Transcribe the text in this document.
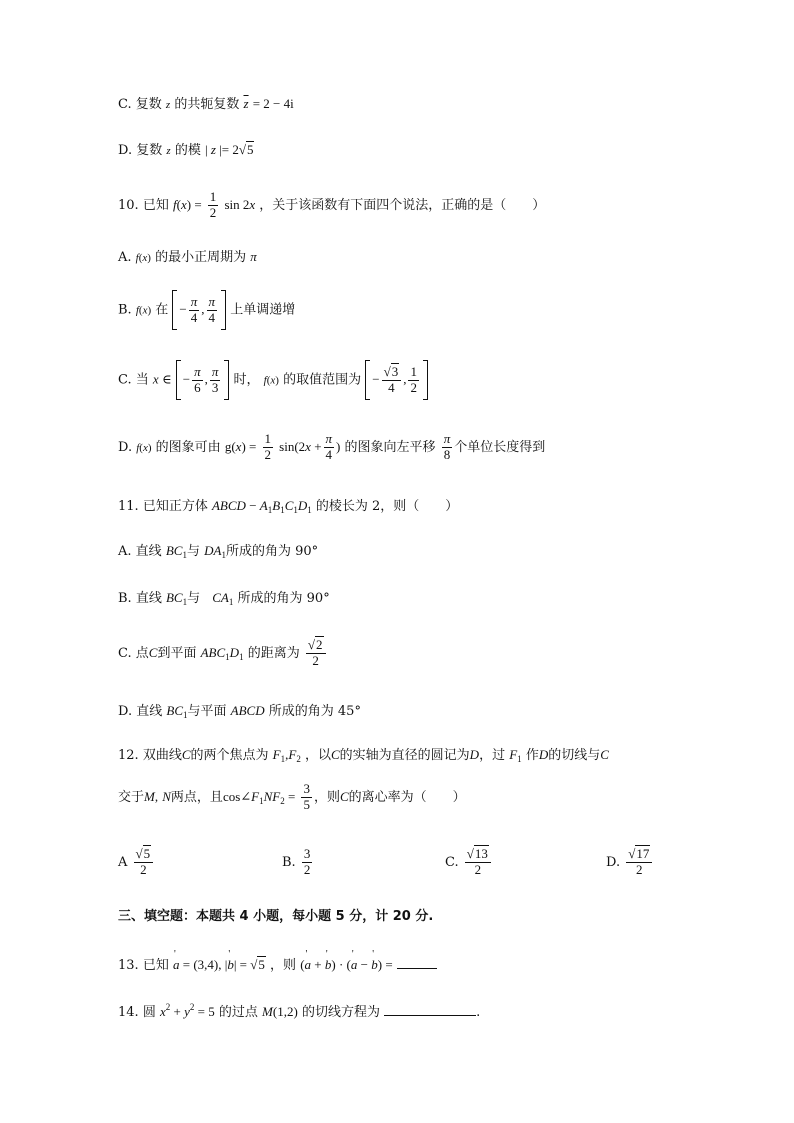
C. 复数 z 的共轭复数 $\overline{z} = 2 - 4i$
D. 复数 z 的模 | z |= 2√5
10. 已知 $f(x) = \frac{1}{2}$ sin 2x ，关于该函数有下面四个说法，正确的是（　　）
A. f(x) 的最小正周期为 π
B. f(x) 在 − $\frac{\pi}{4}$ , $\frac{\pi}{4}$ 上单调递增
C. 当 x ∈ − $\frac{\pi}{6}$ , $\frac{\pi}{3}$ 时， f(x) 的取值范围为 − $\frac{√3}{4}$ , $\frac{1}{2}$
D. f(x) 的图象可由 $g(x) = \frac{1}{2} \sin(2x + \frac{\pi}{4}$ ) 的图象向左平移 $\frac{\pi}{8}$ 个单位长度得到
11. 已知正方体 ABCD − $A_1B_1C_1D_1$ 的棱长为 2，则（　　）
A. 直线 $BC_1$与 $DA_1$所成的角为 90°
B. 直线 $BC_1$与 $CA_1$ 所成的角为 90°
C. 点C到平面 $ABC_1D_1$ 的距离为 $\frac{√2}{2}$
D. 直线 $BC_1$与平面 ABCD 所成的角为 45°
12. 双曲线C的两个焦点为 $F_1,F_2$ ，以C的实轴为直径的圆记为D，过 $F_1$ 作D的切线与C
交于M, N两点，且$\cos\angle F_1NF_2 = \frac{3}{5}$ ，则C的离心率为（　　）
A $\frac{√5}{2}$	B. $\frac{3}{2}$	C. $\frac{√13}{2}$	D. $\frac{√17}{2}$
三、填空题：本题共 4 小题，每小题 5 分，计 20 分.
13. 已知 ' a = (3,4), |' b| = √5 ，则 (' a + ' b) · (' a − ' b) =
14. 圆 $x^2 + y^2 = 5$ 的过点 M(1,2) 的切线方程为	.
